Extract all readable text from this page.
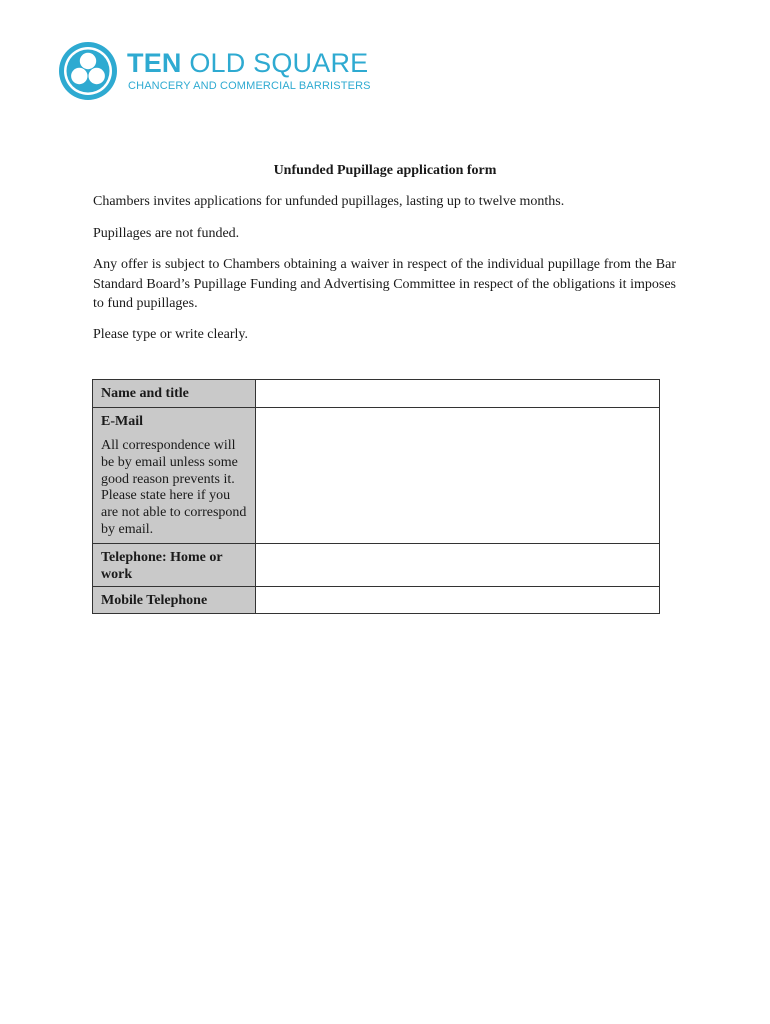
TEN OLD SQUARE
CHANCERY AND COMMERCIAL BARRISTERS
Unfunded Pupillage application form

Chambers invites applications for unfunded pupillages, lasting up to twelve months.

Pupillages are not funded.

Any offer is subject to Chambers obtaining a waiver in respect of the individual pupillage from the Bar Standard Board’s Pupillage Funding and Advertising Committee in respect of the obligations it imposes to fund pupillages.

Please type or write clearly.

Name and title	

E-Mail
All correspondence will be by email unless some good reason prevents it. Please state here if you are not able to correspond by email.	

Telephone: Home or work	

Mobile Telephone	
